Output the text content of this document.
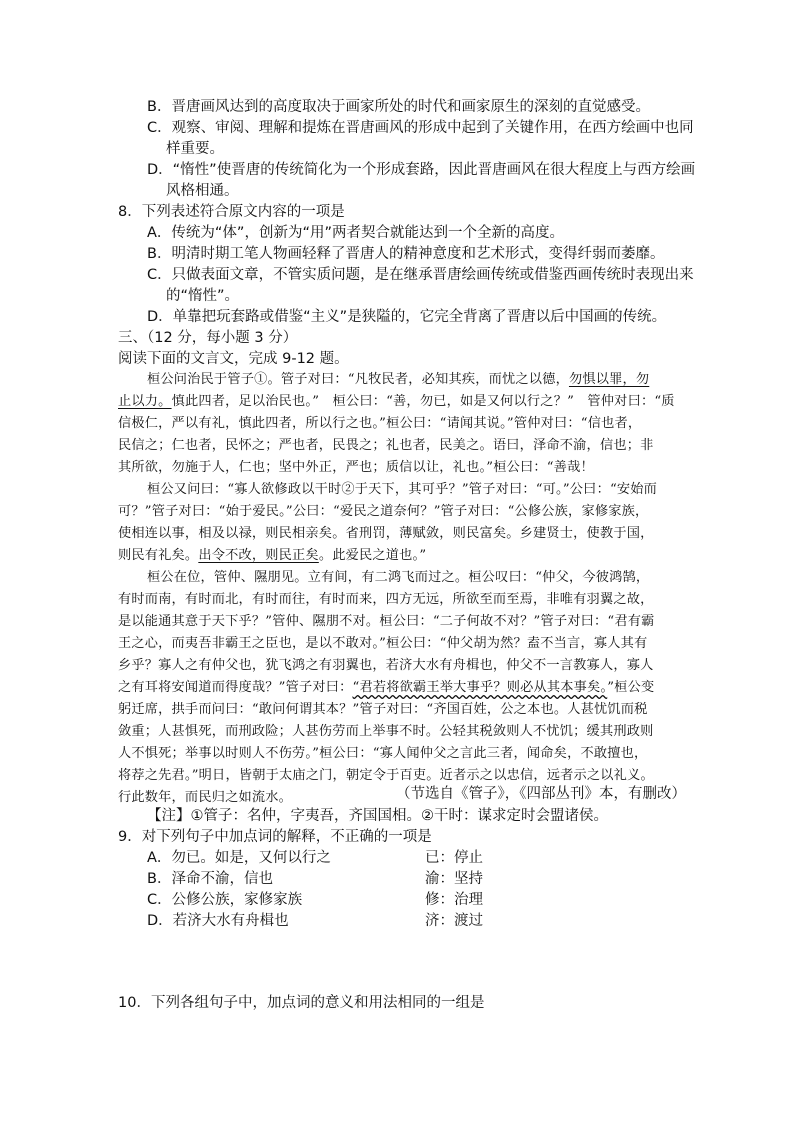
B．晋唐画风达到的高度取决于画家所处的时代和画家原生的深刻的直觉感受。
C．观察、审阅、理解和提炼在晋唐画风的形成中起到了关键作用，在西方绘画中也同
样重要。
D．“惰性”使晋唐的传统简化为一个形成套路，因此晋唐画风在很大程度上与西方绘画
风格相通。
8．下列表述符合原文内容的一项是
A．传统为“体”，创新为“用”两者契合就能达到一个全新的高度。
B．明清时期工笔人物画轻释了晋唐人的精神意度和艺术形式，变得纤弱而萎靡。
C．只做表面文章，不管实质问题，是在继承晋唐绘画传统或借鉴西画传统时表现出来
的“惰性”。
D．单靠把玩套路或借鉴“主义”是狭隘的，它完全背离了晋唐以后中国画的传统。
三、（12 分，每小题 3 分）
阅读下面的文言文，完成 9-12 题。
桓公问治民于管子①。管子对曰：“凡牧民者，必知其疾，而忧之以德，勿惧以罪，勿
止以力。慎此四者，足以治民也。”　桓公曰：“善，勿已，如是又何以行之？”　管仲对曰：“质
信极仁，严以有礼，慎此四者，所以行之也。”桓公曰：“请闻其说。”管仲对曰：“信也者，
民信之；仁也者，民怀之；严也者，民畏之；礼也者，民美之。语曰，泽命不渝，信也；非
其所欲，勿施于人，仁也；坚中外正，严也；质信以让，礼也。”桓公曰：“善哉！
桓公又问曰：“寡人欲修政以干时②于天下，其可乎？”管子对曰：“可。”公曰：“安始而
可？”管子对曰：“始于爱民。”公曰：“爱民之道奈何？”管子对曰：“公修公族，家修家族，
使相连以事，相及以禄，则民相亲矣。省刑罚，薄赋敛，则民富矣。乡建贤士，使教于国，
则民有礼矣。出令不改，则民正矣。此爱民之道也。”
桓公在位，管仲、隰朋见。立有间，有二鸿飞而过之。桓公叹曰：“仲父，今彼鸿鹄，
有时而南，有时而北，有时而往，有时而来，四方无远，所欲至而至焉，非唯有羽翼之故，
是以能通其意于天下乎？”管仲、隰朋不对。桓公曰：“二子何故不对？”管子对曰：“君有霸
王之心，而夷吾非霸王之臣也，是以不敢对。”桓公曰：“仲父胡为然？盍不当言，寡人其有
乡乎？寡人之有仲父也，犹飞鸿之有羽翼也，若济大水有舟楫也，仲父不一言教寡人，寡人
之有耳将安闻道而得度哉？”管子对曰：“君若将欲霸王举大事乎？则必从其本事矣。”桓公变
躬迁席，拱手而问曰：“敢问何谓其本？”管子对曰：“齐国百姓，公之本也。人甚忧饥而税
敛重；人甚惧死，而刑政险；人甚伤劳而上举事不时。公轻其税敛则人不忧饥；缓其刑政则
人不惧死；举事以时则人不伤劳。”桓公曰：“寡人闻仲父之言此三者，闻命矣，不敢擅也，
将荐之先君。”明日，皆朝于太庙之门，朝定令于百吏。近者示之以忠信，远者示之以礼义。
行此数年，而民归之如流水。	（节选自《管子》，《四部丛刊》本，有删改）
【注】①管子：名仲，字夷吾，齐国国相。②干时：谋求定时会盟诸侯。
9．对下列句子中加点词的解释，不正确的一项是
A．勿已。如是，又何以行之	已：停止
B．泽命不渝，信也	渝：坚持
C．公修公族，家修家族	修：治理
D．若济大水有舟楫也	济：渡过
10．下列各组句子中，加点词的意义和用法相同的一组是
